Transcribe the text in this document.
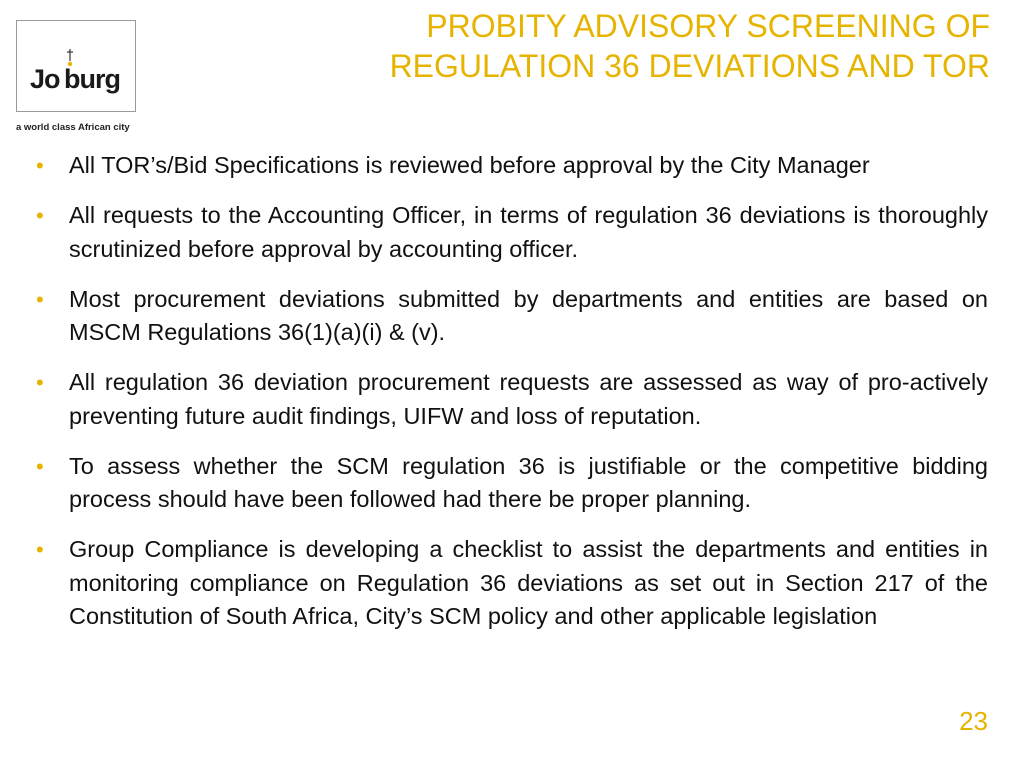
Jo burg
a world class African city
PROBITY ADVISORY SCREENING OF
REGULATION 36 DEVIATIONS AND TOR
• All TOR’s/Bid Specifications is reviewed before approval by the City Manager
• All requests to the Accounting Officer, in terms of regulation 36 deviations is thoroughly scrutinized before approval by accounting officer.
• Most procurement deviations submitted by departments and entities are based on MSCM Regulations 36(1)(a)(i) & (v).
• All regulation 36 deviation procurement requests are assessed as way of pro-actively preventing future audit findings, UIFW and loss of reputation.
• To assess whether the SCM regulation 36 is justifiable or the competitive bidding process should have been followed had there be proper planning.
• Group Compliance is developing a checklist to assist the departments and entities in monitoring compliance on Regulation 36 deviations as set out in Section 217 of the Constitution of South Africa, City’s SCM policy and other applicable legislation
23
